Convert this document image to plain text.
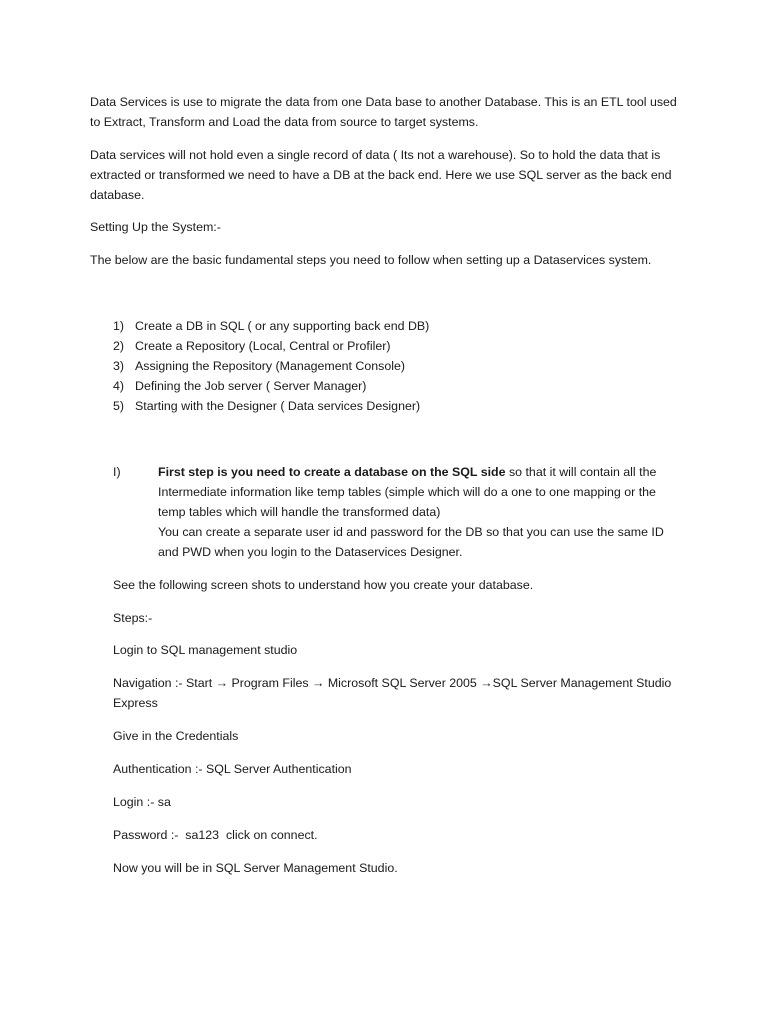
Data Services is use to migrate the data from one Data base to another Database. This is an ETL tool used to Extract, Transform and Load the data from source to target systems.

Data services will not hold even a single record of data ( Its not a warehouse). So to hold the data that is extracted or transformed we need to have a DB at the back end. Here we use SQL server as the back end database.

Setting Up the System:-

The below are the basic fundamental steps you need to follow when setting up a Dataservices system.

1) Create a DB in SQL ( or any supporting back end DB)
2) Create a Repository (Local, Central or Profiler)
3) Assigning the Repository (Management Console)
4) Defining the Job server ( Server Manager)
5) Starting with the Designer ( Data services Designer)
I)	First step is you need to create a database on the SQL side so that it will contain all the Intermediate information like temp tables (simple which will do a one to one mapping or the temp tables which will handle the transformed data)

You can create a separate user id and password for the DB so that you can use the same ID and PWD when you login to the Dataservices Designer.

See the following screen shots to understand how you create your database.

Steps:-

Login to SQL management studio

Navigation :- Start → Program Files → Microsoft SQL Server 2005 →SQL Server Management Studio Express

Give in the Credentials

Authentication :- SQL Server Authentication

Login :- sa

Password :-  sa123  click on connect.

Now you will be in SQL Server Management Studio.
